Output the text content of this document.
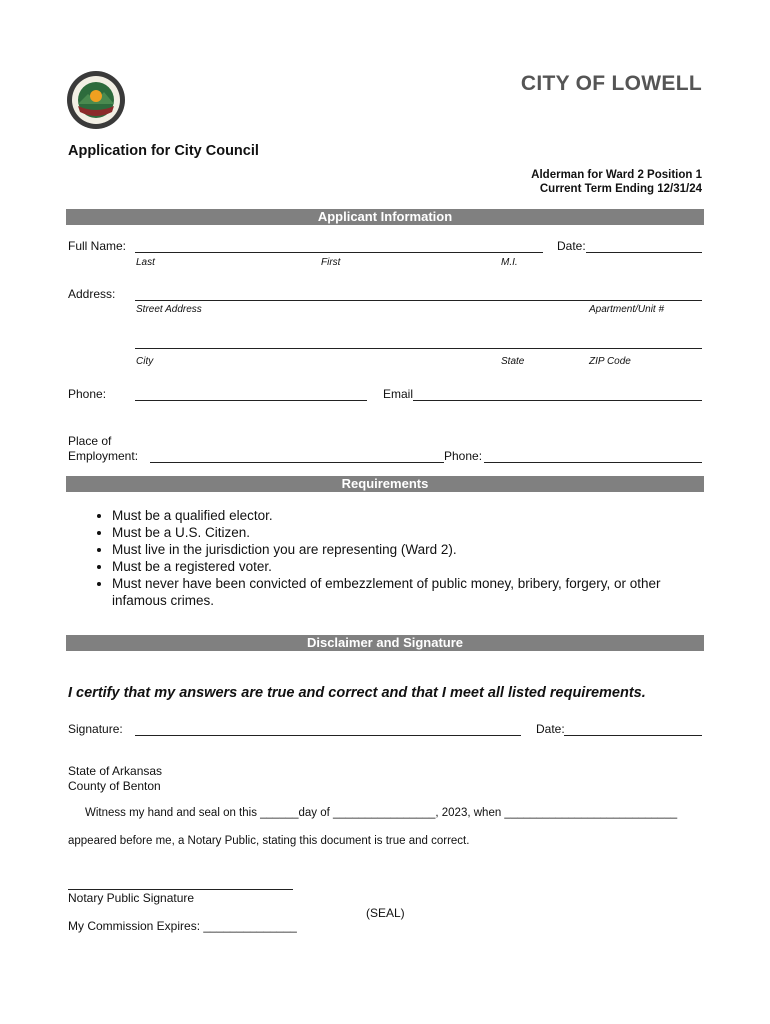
CITY OF LOWELL
Application for City Council
Alderman for Ward 2 Position 1
Current Term Ending 12/31/24
Applicant Information
Full Name:	Date:
Last	First	M.I.
Address:
Street Address	Apartment/Unit #
City	State	ZIP Code
Phone:	Email
Place of
Employment:	Phone:
Requirements
• Must be a qualified elector.
• Must be a U.S. Citizen.
• Must live in the jurisdiction you are representing (Ward 2).
• Must be a registered voter.
• Must never have been convicted of embezzlement of public money, bribery, forgery, or other infamous crimes.
Disclaimer and Signature
I certify that my answers are true and correct and that I meet all listed requirements.
Signature:	Date:
State of Arkansas
County of Benton
Witness my hand and seal on this ______day of ________________, 2023, when ___________________________
appeared before me, a Notary Public, stating this document is true and correct.
Notary Public Signature
(SEAL)
My Commission Expires: ______________
